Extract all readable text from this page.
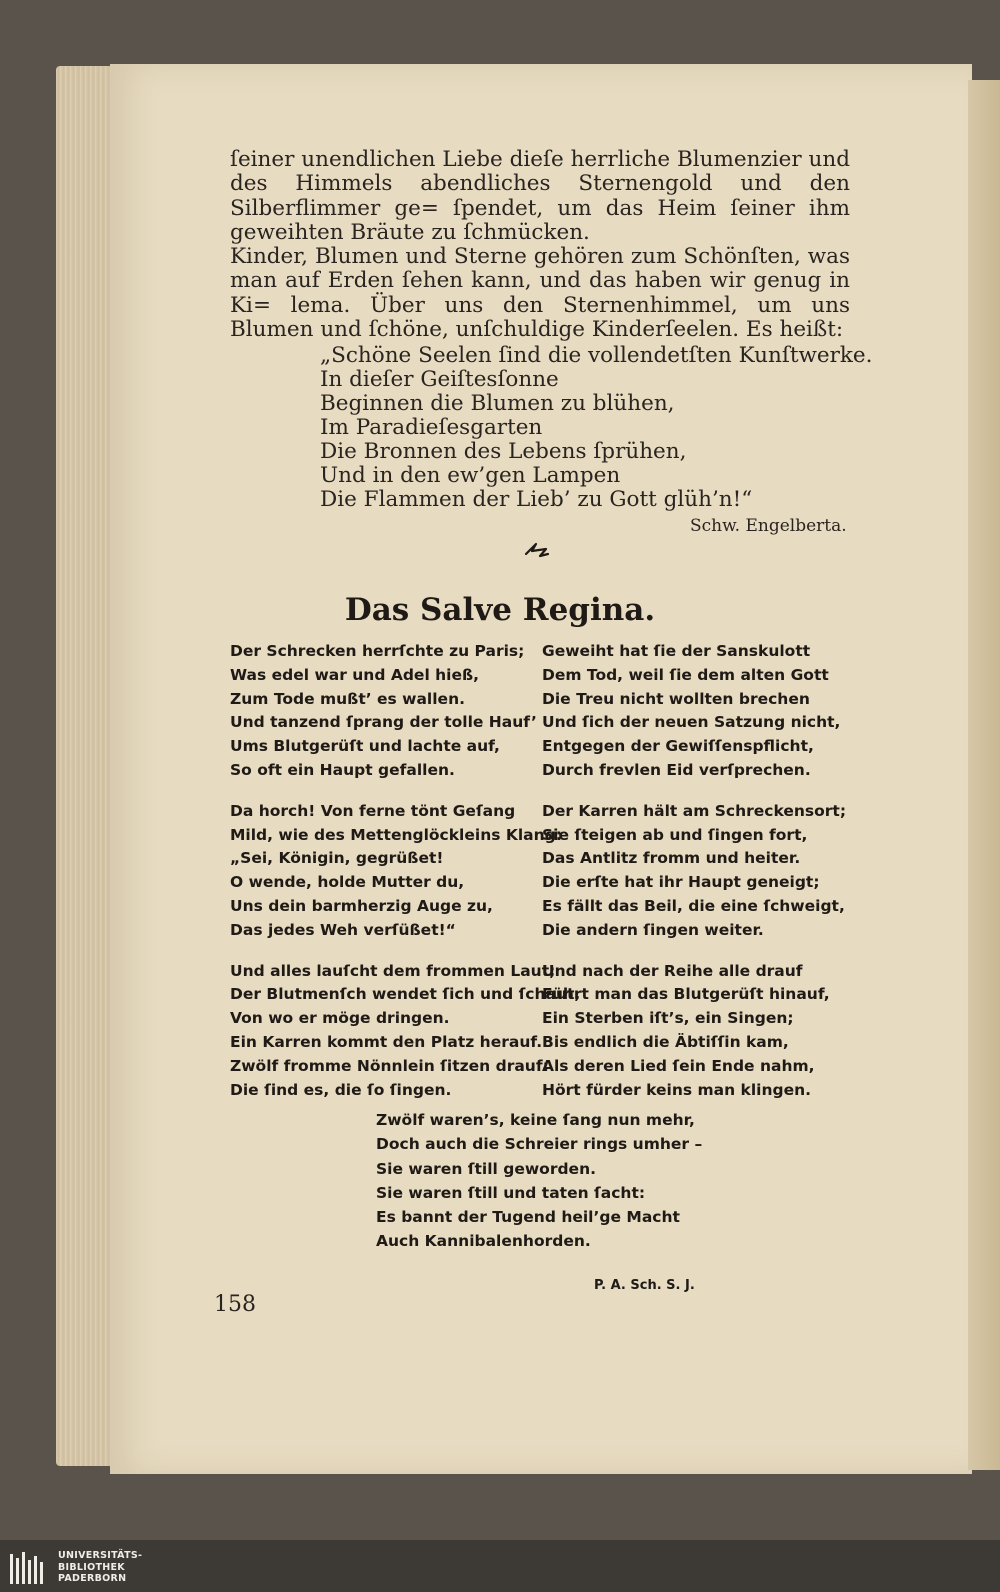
ſeiner unendlichen Liebe dieſe herrliche Blumenzier und des Himmels abendliches Sternengold und den Silberflimmer ge= ſpendet, um das Heim ſeiner ihm geweihten Bräute zu ſchmücken.

Kinder, Blumen und Sterne gehören zum Schönſten, was man auf Erden ſehen kann, und das haben wir genug in Ki= lema. Über uns den Sternenhimmel, um uns Blumen und ſchöne, unſchuldige Kinderſeelen. Es heißt:

„Schöne Seelen ſind die vollendetſten Kunſtwerke.
In dieſer Geiſtesſonne
Beginnen die Blumen zu blühen,
Im Paradieſesgarten
Die Bronnen des Lebens ſprühen,
Und in den ew’gen Lampen
Die Flammen der Lieb’ zu Gott glüh’n!“
Schw. Engelberta.
Das Salve Regina.
Der Schrecken herrſchte zu Paris;
Was edel war und Adel hieß,
Zum Tode mußt’ es wallen.
Und tanzend ſprang der tolle Hauf’
Ums Blutgerüſt und lachte auf,
So oft ein Haupt gefallen.
Da horch! Von ferne tönt Geſang
Mild, wie des Mettenglöckleins Klang:
„Sei, Königin, gegrüßet!
O wende, holde Mutter du,
Uns dein barmherzig Auge zu,
Das jedes Weh verſüßet!“
Und alles lauſcht dem frommen Laut;
Der Blutmenſch wendet ſich und ſchaut,
Von wo er möge dringen.
Ein Karren kommt den Platz herauf.
Zwölf fromme Nönnlein ſitzen drauf:
Die ſind es, die ſo ſingen.
Geweiht hat ſie der Sanskulott
Dem Tod, weil ſie dem alten Gott
Die Treu nicht wollten brechen
Und ſich der neuen Satzung nicht,
Entgegen der Gewiſſenspflicht,
Durch frevlen Eid verſprechen.
Der Karren hält am Schreckensort;
Sie ſteigen ab und ſingen fort,
Das Antlitz fromm und heiter.
Die erſte hat ihr Haupt geneigt;
Es fällt das Beil, die eine ſchweigt,
Die andern ſingen weiter.
Und nach der Reihe alle drauf
Führt man das Blutgerüſt hinauf,
Ein Sterben iſt’s, ein Singen;
Bis endlich die Äbtiſſin kam,
Als deren Lied ſein Ende nahm,
Hört fürder keins man klingen.
Zwölf waren’s, keine ſang nun mehr,
Doch auch die Schreier rings umher –
Sie waren ſtill geworden.
Sie waren ſtill und taten ſacht:
Es bannt der Tugend heil’ge Macht
Auch Kannibalenhorden.
P. A. Sch. S. J.
158
UNIVERSITÄTS-
BIBLIOTHEK
PADERBORN
